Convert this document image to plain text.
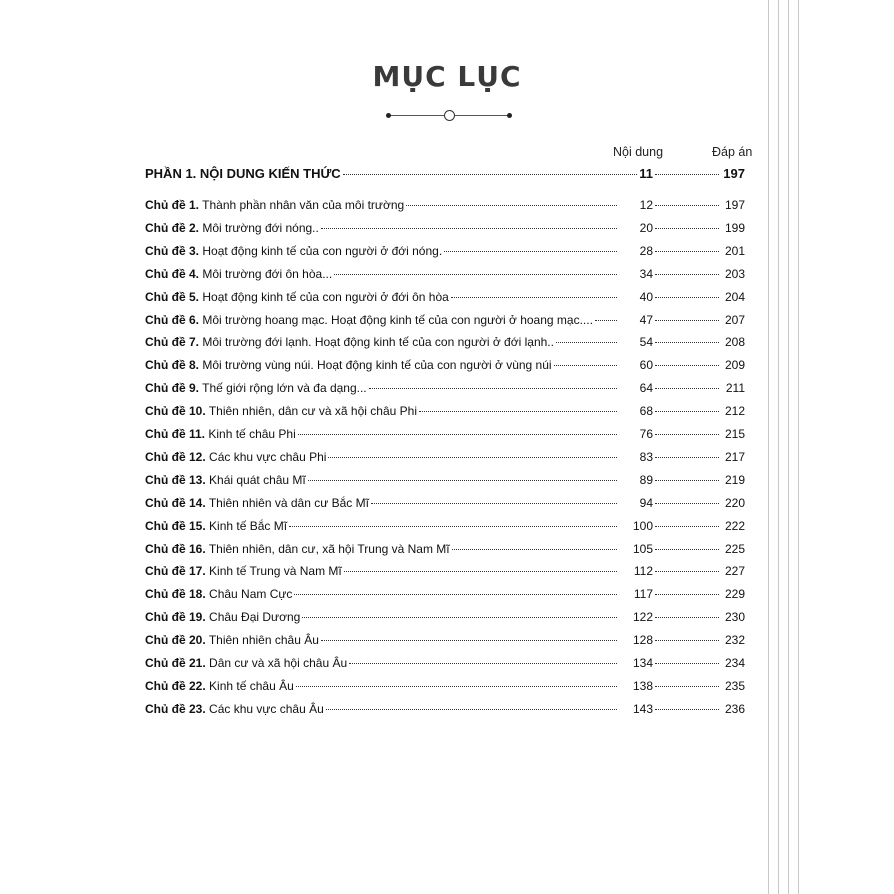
MỤC LỤC
Nội dung	Đáp án
PHẦN 1. NỘI DUNG KIẾN THỨC	11	197
Chủ đề 1. Thành phần nhân văn của môi trường	12	197
Chủ đề 2. Môi trường đới nóng..	20	199
Chủ đề 3. Hoạt động kinh tế của con người ở đới nóng.	28	201
Chủ đề 4. Môi trường đới ôn hòa...	34	203
Chủ đề 5. Hoạt động kinh tế của con người ở đới ôn hòa	40	204
Chủ đề 6. Môi trường hoang mạc. Hoạt động kinh tế của con người ở hoang mạc....	47	207
Chủ đề 7. Môi trường đới lạnh. Hoạt động kinh tế của con người ở đới lạnh..	54	208
Chủ đề 8. Môi trường vùng núi. Hoạt động kinh tế của con người ở vùng núi	60	209
Chủ đề 9. Thế giới rộng lớn và đa dạng...	64	211
Chủ đề 10. Thiên nhiên, dân cư và xã hội châu Phi	68	212
Chủ đề 11. Kinh tế châu Phi	76	215
Chủ đề 12. Các khu vực châu Phi	83	217
Chủ đề 13. Khái quát châu Mĩ	89	219
Chủ đề 14. Thiên nhiên và dân cư Bắc Mĩ	94	220
Chủ đề 15. Kinh tế Bắc Mĩ	100	222
Chủ đề 16. Thiên nhiên, dân cư, xã hội Trung và Nam Mĩ	105	225
Chủ đề 17. Kinh tế Trung và Nam Mĩ	112	227
Chủ đề 18. Châu Nam Cực	117	229
Chủ đề 19. Châu Đại Dương	122	230
Chủ đề 20. Thiên nhiên châu Âu	128	232
Chủ đề 21. Dân cư và xã hội châu Âu	134	234
Chủ đề 22. Kinh tế châu Âu	138	235
Chủ đề 23. Các khu vực châu Âu	143	236
